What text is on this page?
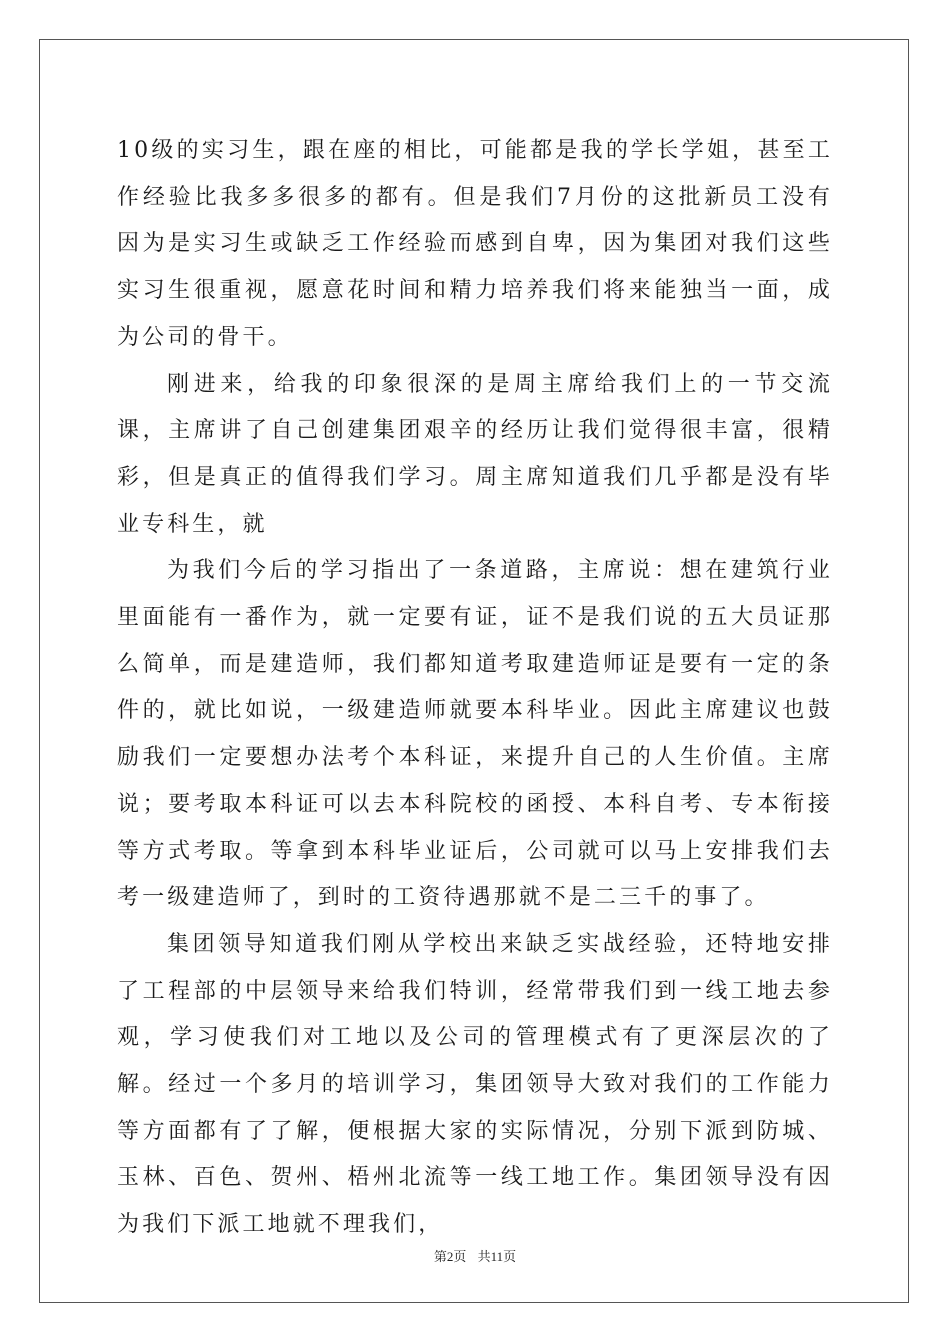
10级的实习生，跟在座的相比，可能都是我的学长学姐，甚至工作经验比我多多很多的都有。但是我们7月份的这批新员工没有因为是实习生或缺乏工作经验而感到自卑，因为集团对我们这些实习生很重视，愿意花时间和精力培养我们将来能独当一面，成为公司的骨干。

刚进来，给我的印象很深的是周主席给我们上的一节交流课，主席讲了自己创建集团艰辛的经历让我们觉得很丰富，很精彩，但是真正的值得我们学习。周主席知道我们几乎都是没有毕业专科生，就

为我们今后的学习指出了一条道路，主席说：想在建筑行业里面能有一番作为，就一定要有证，证不是我们说的五大员证那么简单，而是建造师，我们都知道考取建造师证是要有一定的条件的，就比如说，一级建造师就要本科毕业。因此主席建议也鼓励我们一定要想办法考个本科证，来提升自己的人生价值。主席说；要考取本科证可以去本科院校的函授、本科自考、专本衔接等方式考取。等拿到本科毕业证后，公司就可以马上安排我们去考一级建造师了，到时的工资待遇那就不是二三千的事了。

集团领导知道我们刚从学校出来缺乏实战经验，还特地安排了工程部的中层领导来给我们特训，经常带我们到一线工地去参观，学习使我们对工地以及公司的管理模式有了更深层次的了解。经过一个多月的培训学习，集团领导大致对我们的工作能力等方面都有了了解，便根据大家的实际情况，分别下派到防城、玉林、百色、贺州、梧州北流等一线工地工作。集团领导没有因为我们下派工地就不理我们，

第2页 共11页
